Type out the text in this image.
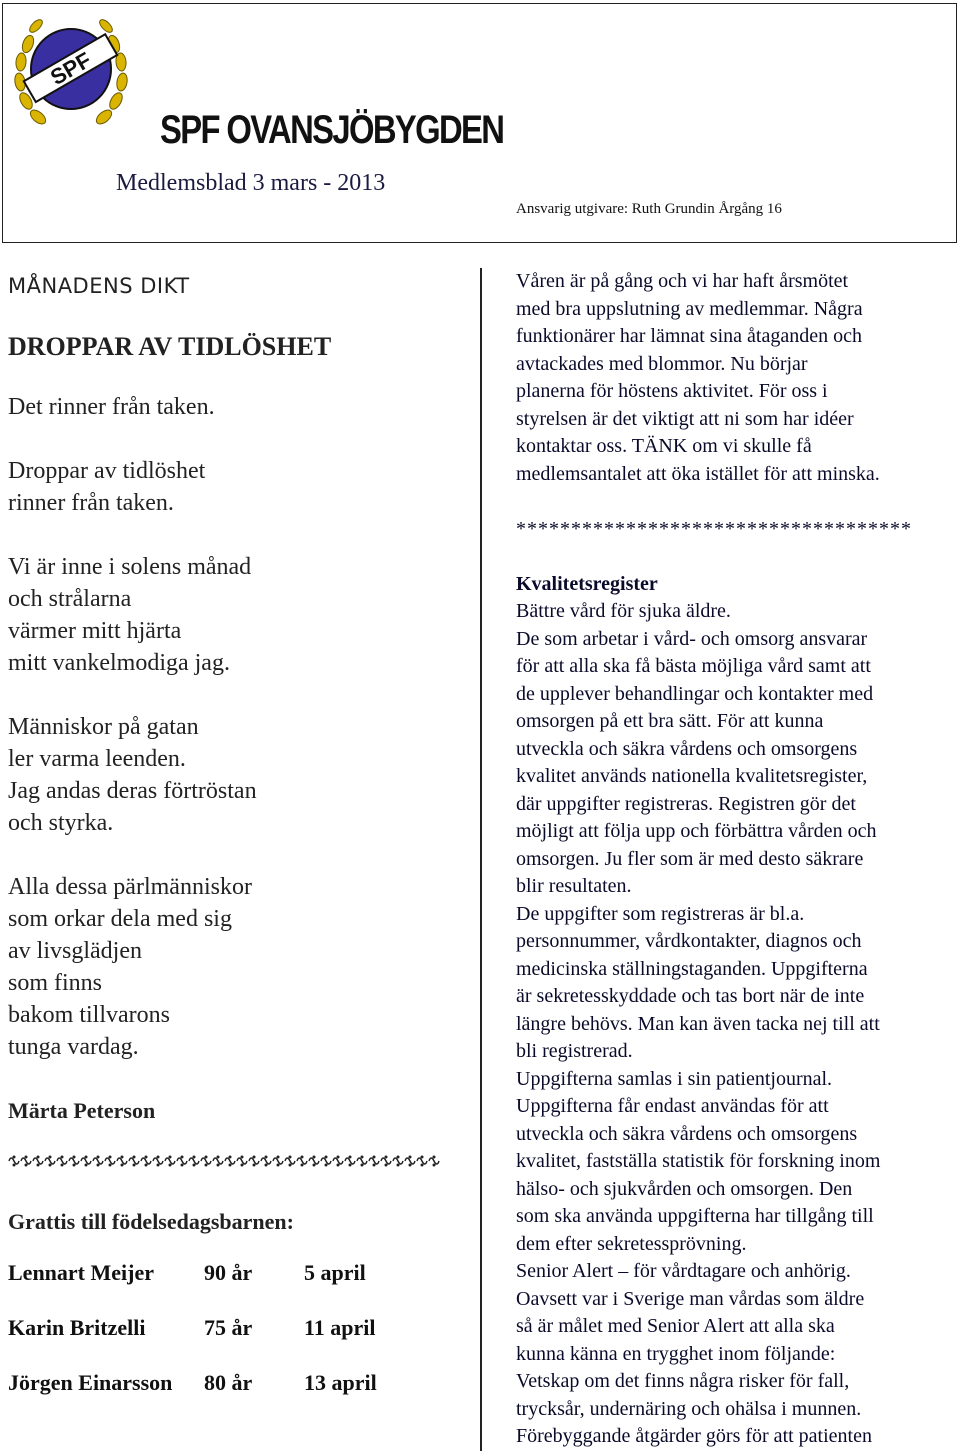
SPF
SPF OVANSJÖBYGDEN
Medlemsblad 3 mars - 2013
Ansvarig utgivare: Ruth Grundin Årgång 16
MÅNADENS DIKT
DROPPAR AV TIDLÖSHET
Det rinner från taken.
Droppar av tidlöshet
rinner från taken.
Vi är inne i solens månad
och strålarna
värmer mitt hjärta
mitt vankelmodiga jag.
Människor på gatan
ler varma leenden.
Jag andas deras förtröstan
och styrka.
Alla dessa pärlmänniskor
som orkar dela med sig
av livsglädjen
som finns
bakom tillvarons
tunga vardag.
Märta Peterson
Grattis till födelsedagsbarnen:
Lennart Meijer 90 år 5 april
Karin Britzelli	75 år 11 april
Jörgen Einarsson 80 år 13 april
Våren är på gång och vi har haft årsmötet
med bra uppslutning av medlemmar. Några
funktionärer har lämnat sina åtaganden och
avtackades med blommor. Nu börjar
planerna för höstens aktivitet. För oss i
styrelsen är det viktigt att ni som har idéer
kontaktar oss. TÄNK om vi skulle få
medlemsantalet att öka istället för att minska.
************************************
Kvalitetsregister
Bättre vård för sjuka äldre.
De som arbetar i vård- och omsorg ansvarar
för att alla ska få bästa möjliga vård samt att
de upplever behandlingar och kontakter med
omsorgen på ett bra sätt. För att kunna
utveckla och säkra vårdens och omsorgens
kvalitet används nationella kvalitetsregister,
där uppgifter registreras. Registren gör det
möjligt att följa upp och förbättra vården och
omsorgen. Ju fler som är med desto säkrare
blir resultaten.
De uppgifter som registreras är bl.a.
personnummer, vårdkontakter, diagnos och
medicinska ställningstaganden. Uppgifterna
är sekretesskyddade och tas bort när de inte
längre behövs. Man kan även tacka nej till att
bli registrerad.
Uppgifterna samlas i sin patientjournal.
Uppgifterna får endast användas för att
utveckla och säkra vårdens och omsorgens
kvalitet, fastställa statistik för forskning inom
hälso- och sjukvården och omsorgen. Den
som ska använda uppgifterna har tillgång till
dem efter sekretessprövning.
Senior Alert – för vårdtagare och anhörig.
Oavsett var i Sverige man vårdas som äldre
så är målet med Senior Alert att alla ska
kunna känna en trygghet inom följande:
Vetskap om det finns några risker för fall,
trycksår, undernäring och ohälsa i munnen.
Förebyggande åtgärder görs för att patienten
